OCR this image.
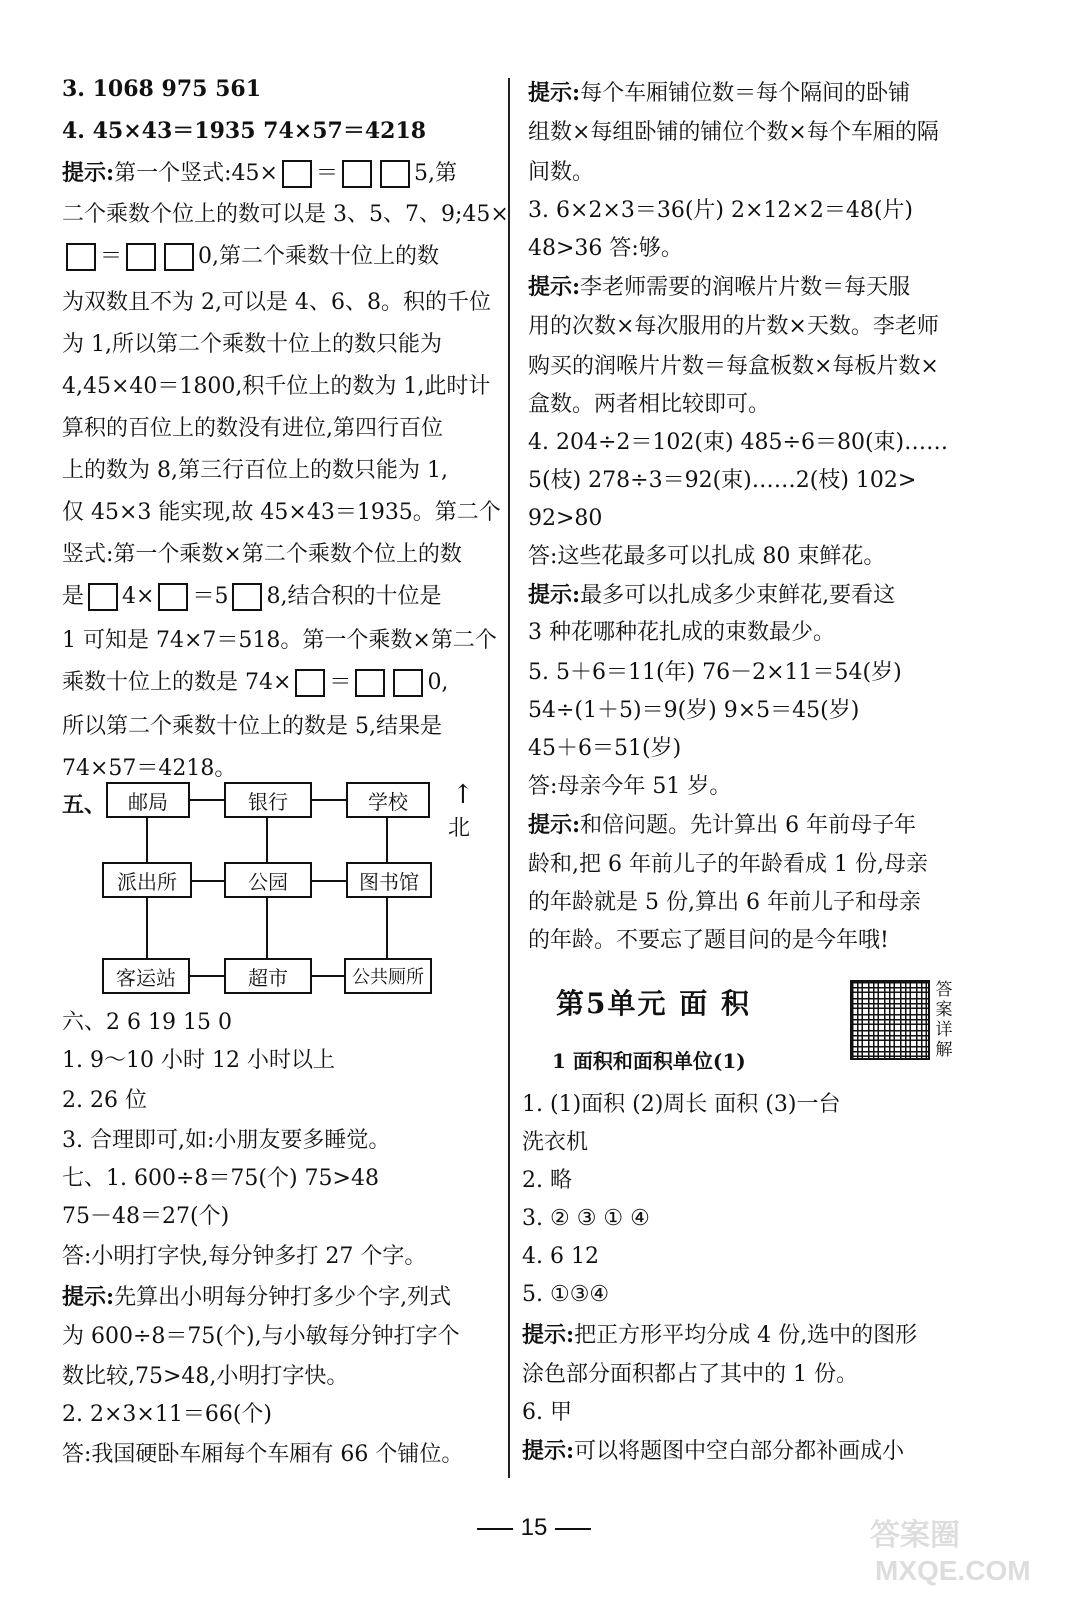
3. 1068 975 561
4. 45×43＝1935 74×57＝4218
提示:第一个竖式:45× ＝	5,第
二个乘数个位上的数可以是 3、5、7、9;45×
＝	0,第二个乘数十位上的数
为双数且不为 2,可以是 4、6、8。积的千位
为 1,所以第二个乘数十位上的数只能为
4,45×40＝1800,积千位上的数为 1,此时计
算积的百位上的数没有进位,第四行百位
上的数为 8,第三行百位上的数只能为 1,
仅 45×3 能实现,故 45×43＝1935。第二个
竖式:第一个乘数×第二个乘数个位上的数
是 4× ＝5 8,结合积的十位是
1 可知是 74×7＝518。第一个乘数×第二个
乘数十位上的数是 74× ＝	0,
所以第二个乘数十位上的数是 5,结果是
74×57＝4218。
五、	邮局	银行	学校
派出所	公园	图书馆
客运站	超市	公共厕所
↑
北
六、2 6 19 15 0
1. 9～10 小时 12 小时以上
2. 26 位
3. 合理即可,如:小朋友要多睡觉。
七、1. 600÷8＝75(个) 75>48
75－48＝27(个)
答:小明打字快,每分钟多打 27 个字。
提示:先算出小明每分钟打多少个字,列式
为 600÷8＝75(个),与小敏每分钟打字个
数比较,75>48,小明打字快。
2. 2×3×11＝66(个)
答:我国硬卧车厢每个车厢有 66 个铺位。
提示:每个车厢铺位数＝每个隔间的卧铺
组数×每组卧铺的铺位个数×每个车厢的隔
间数。
3. 6×2×3＝36(片) 2×12×2＝48(片)
48>36 答:够。
提示:李老师需要的润喉片片数＝每天服
用的次数×每次服用的片数×天数。李老师
购买的润喉片片数＝每盒板数×每板片数×
盒数。两者相比较即可。
4. 204÷2＝102(束) 485÷6＝80(束)……
5(枝) 278÷3＝92(束)……2(枝) 102>
92>80
答:这些花最多可以扎成 80 束鲜花。
提示:最多可以扎成多少束鲜花,要看这
3 种花哪种花扎成的束数最少。
5. 5＋6＝11(年) 76－2×11＝54(岁)
54÷(1＋5)＝9(岁) 9×5＝45(岁)
45＋6＝51(岁)
答:母亲今年 51 岁。
提示:和倍问题。先计算出 6 年前母子年
龄和,把 6 年前儿子的年龄看成 1 份,母亲
的年龄就是 5 份,算出 6 年前儿子和母亲
的年龄。不要忘了题目问的是今年哦!
第5单元 面 积	答
案
详
解
1 面积和面积单位(1)
1. (1)面积 (2)周长 面积 (3)一台
洗衣机
2. 略
3. ② ③ ① ④
4. 6 12
5. ①③④
提示:把正方形平均分成 4 份,选中的图形
涂色部分面积都占了其中的 1 份。
6. 甲
提示:可以将题图中空白部分都补画成小
15	答案圈
MXQE.COM
